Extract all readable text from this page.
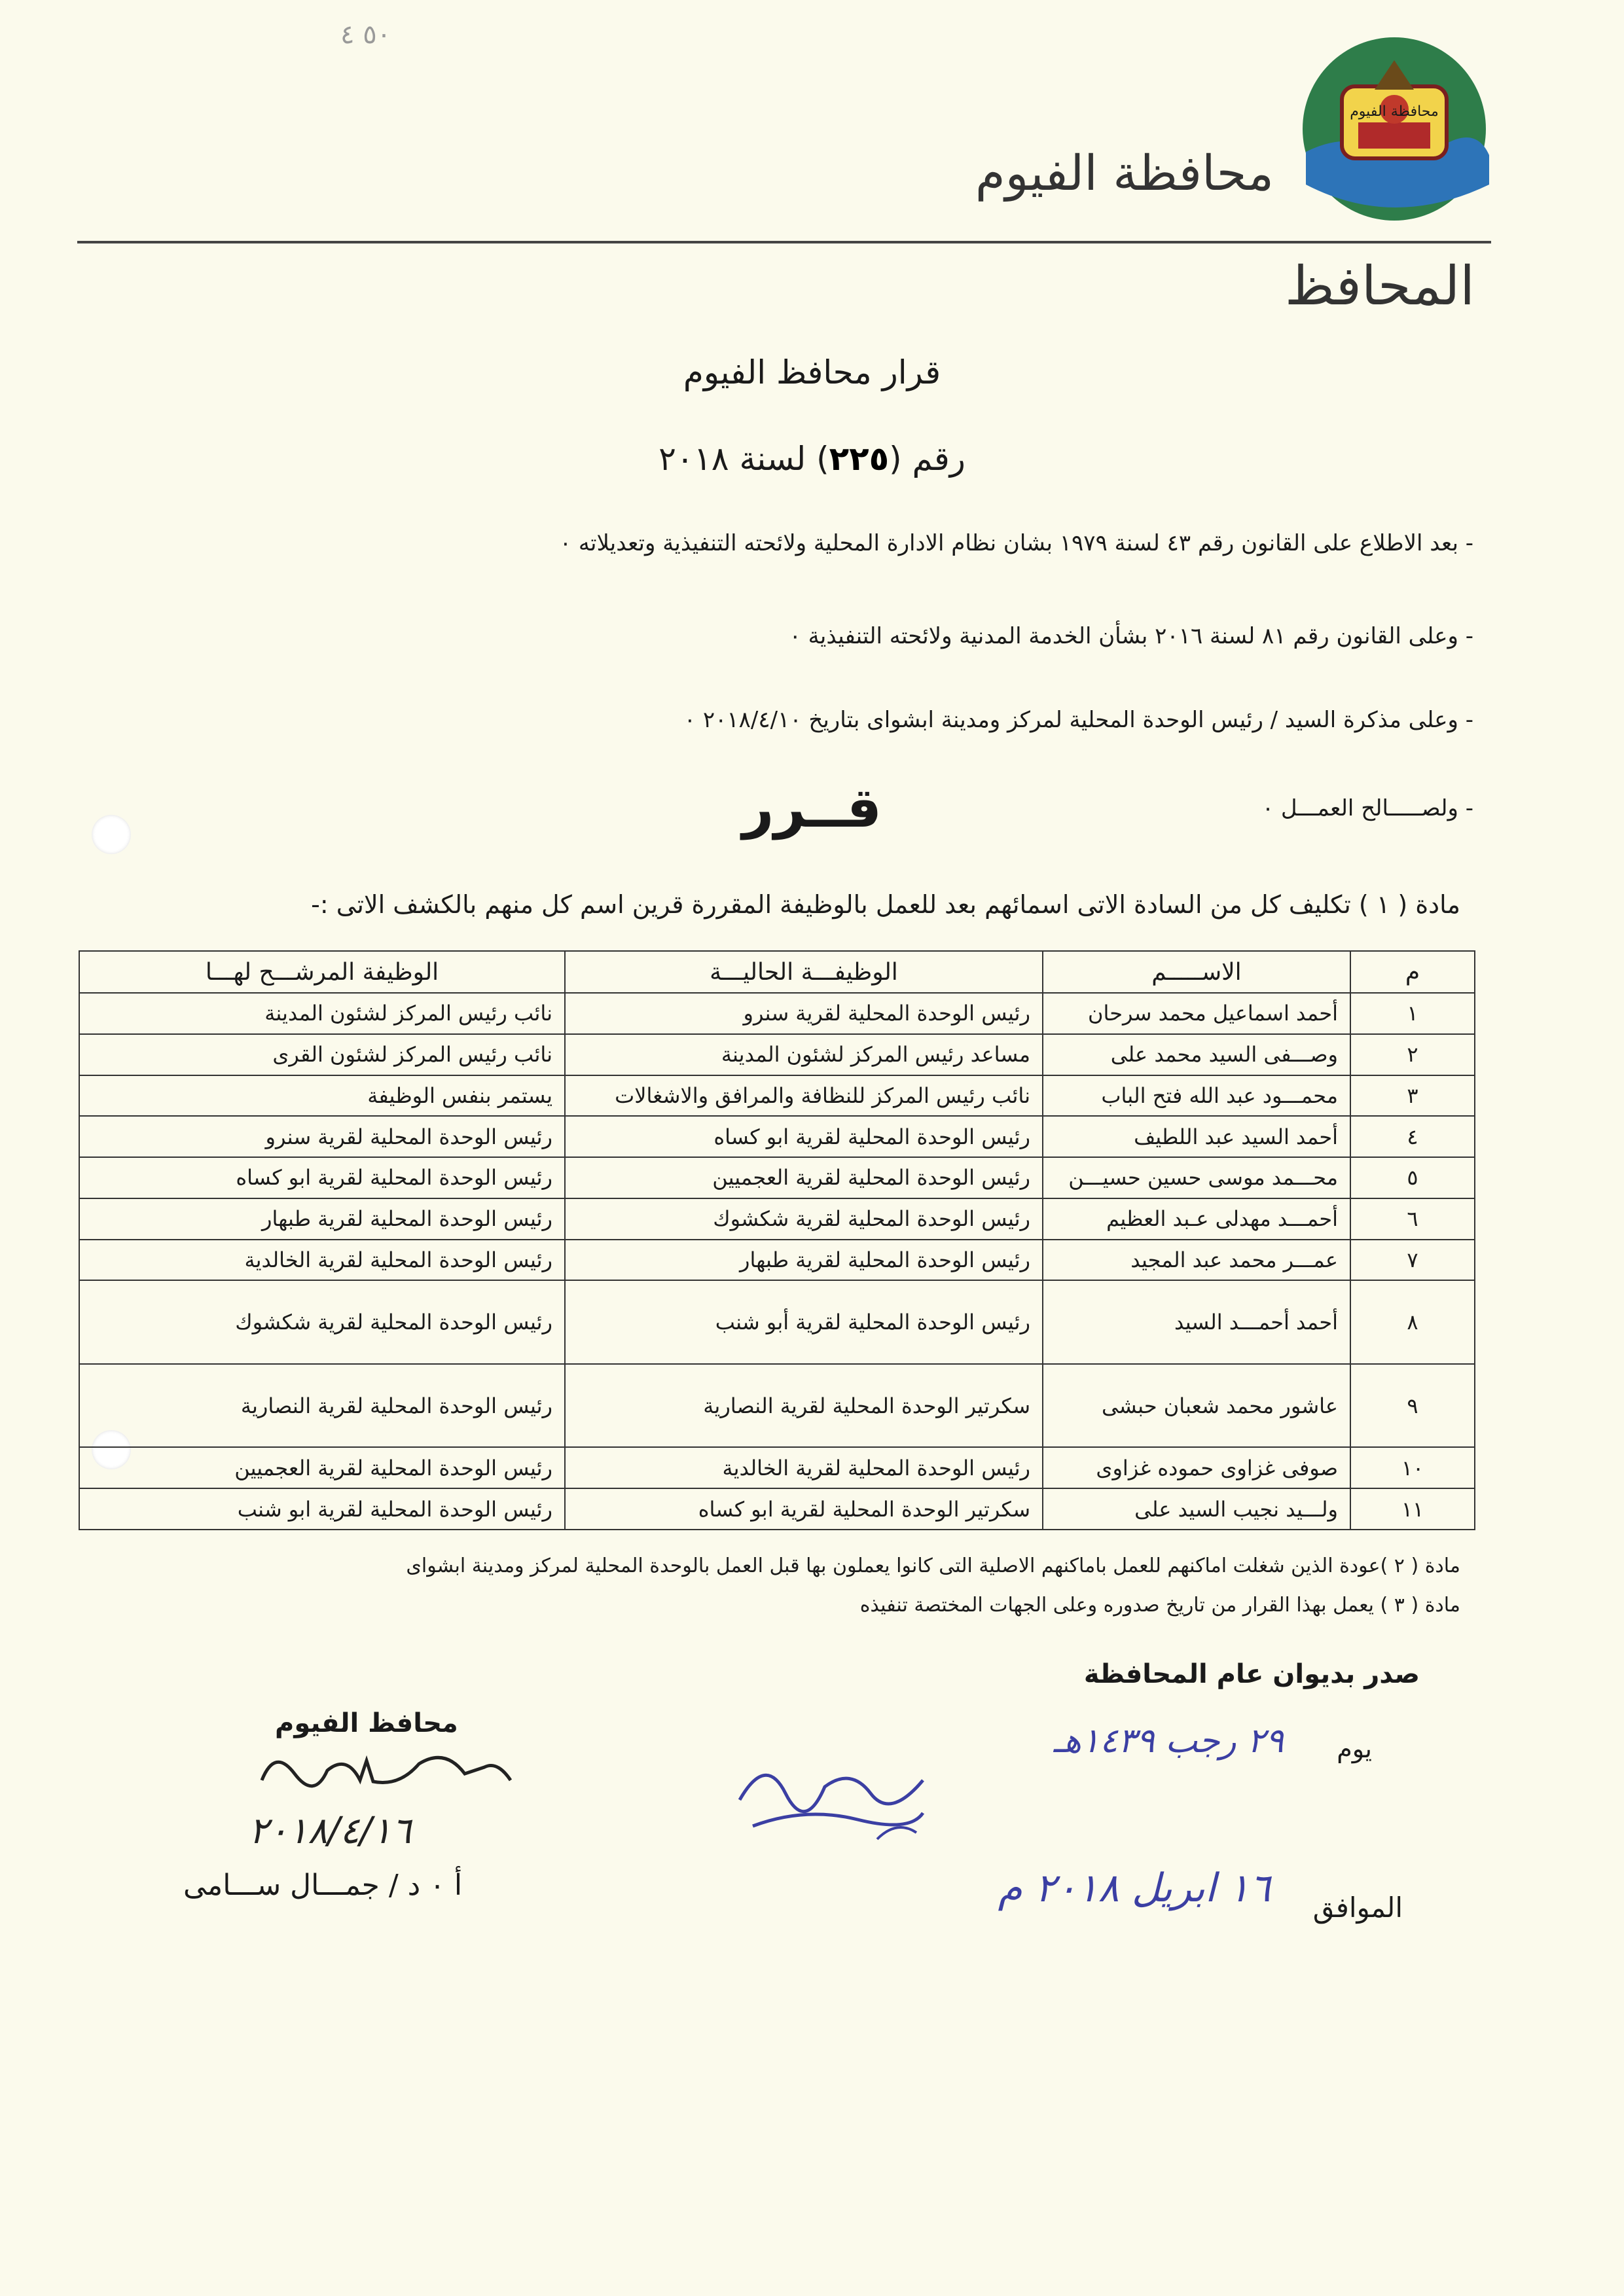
٥٠ ٤
محافظة الفيوم
محافظة الفيوم
المحافظ
قرار محافظ الفيوم
رقم (٢٢٥) لسنة ٢٠١٨
- بعد الاطلاع على القانون رقم ٤٣ لسنة ١٩٧٩ بشان نظام الادارة المحلية ولائحته التنفيذية وتعديلاته ٠
- وعلى القانون رقم ٨١ لسنة ٢٠١٦ بشأن الخدمة المدنية ولائحته التنفيذية ٠
- وعلى مذكرة السيد / رئيس الوحدة المحلية لمركز ومدينة ابشواى بتاريخ ٢٠١٨/٤/١٠ ٠
- ولصـــــالح العمـــل ٠
قــرر
مادة ( ١ ) تكليف كل من السادة الاتى اسمائهم بعد للعمل بالوظيفة المقررة قرين اسم كل منهم بالكشف الاتى :-
م	الاســـــم	الوظيفـــة الحاليـــة	الوظيفة المرشـــح لهـــا
١	أحمد اسماعيل محمد سرحان	رئيس الوحدة المحلية لقرية سنرو	نائب رئيس المركز لشئون المدينة
٢	وصـــفى السيد محمد على	مساعد رئيس المركز لشئون المدينة	نائب رئيس المركز لشئون القرى
٣	محمـــود عبد الله فتح الباب	نائب رئيس المركز للنظافة والمرافق والاشغالات	يستمر بنفس الوظيفة
٤	أحمد السيد عبد اللطيف	رئيس الوحدة المحلية لقرية ابو كساه	رئيس الوحدة المحلية لقرية سنرو
٥	محـــمد موسى حسين حسيـــن	رئيس الوحدة المحلية لقرية العجميين	رئيس الوحدة المحلية لقرية ابو كساه
٦	أحمـــد مهدلى عـبد العظيم	رئيس الوحدة المحلية لقرية شكشوك	رئيس الوحدة المحلية لقرية طبهار
٧	عمـــر محمد عبد المجيد	رئيس الوحدة المحلية لقرية طبهار	رئيس الوحدة المحلية لقرية الخالدية
٨	أحمد أحمـــد السيد	رئيس الوحدة المحلية لقرية أبو شنب	رئيس الوحدة المحلية لقرية شكشوك
٩	عاشور محمد شعبان حبشى	سكرتير الوحدة المحلية لقرية النصارية	رئيس الوحدة المحلية لقرية النصارية
١٠	صوفى غزاوى حموده غزاوى	رئيس الوحدة المحلية لقرية الخالدية	رئيس الوحدة المحلية لقرية العجميين
١١	ولـــيد نجيب السيد على	سكرتير الوحدة المحلية لقرية ابو كساه	رئيس الوحدة المحلية لقرية ابو شنب
مادة ( ٢ )عودة الذين شغلت اماكنهم للعمل باماكنهم الاصلية التى كانوا يعملون بها قبل العمل بالوحدة المحلية لمركز ومدينة ابشواى
مادة ( ٣ ) يعمل بهذا القرار من تاريخ صدوره وعلى الجهات المختصة تنفيذه
صدر بديوان عام المحافظة
يوم
٢٩ رجب ١٤٣٩هـ
الموافق
١٦ ابريل ٢٠١٨ م
محافظ الفيوم
٢٠١٨/٤/١٦
أ ٠ د / جمـــال ســـامى
